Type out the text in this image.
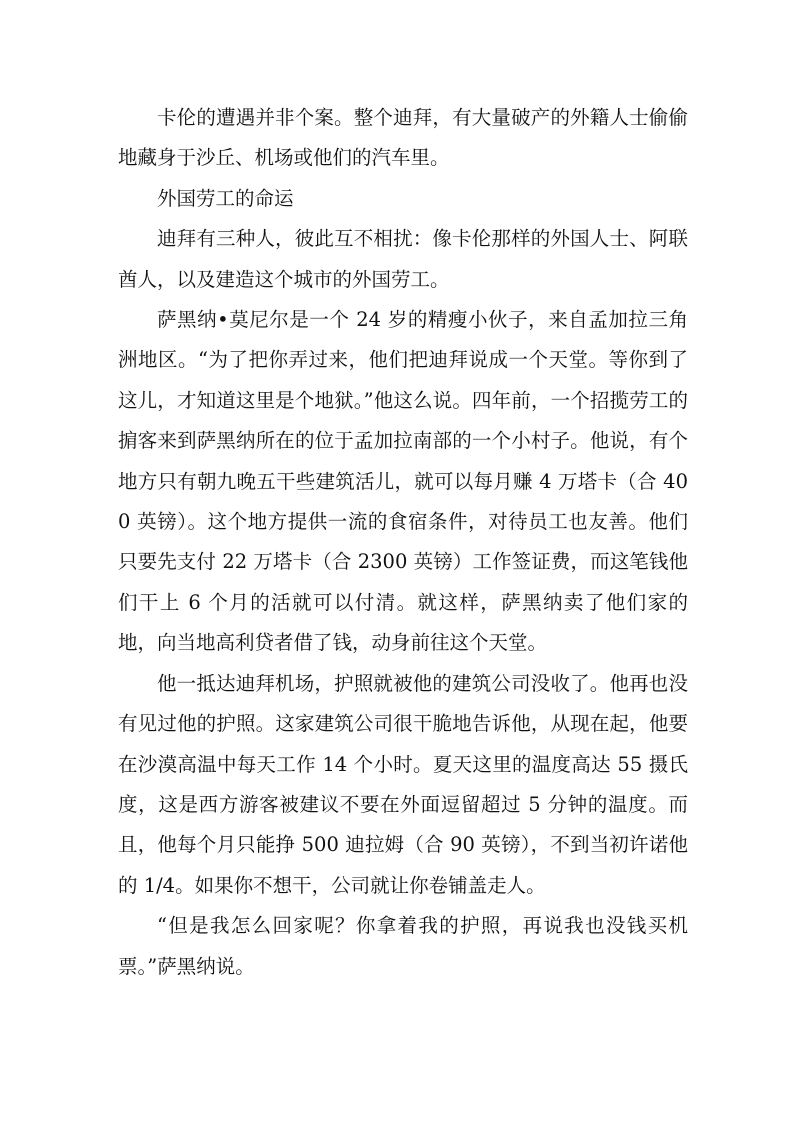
卡伦的遭遇并非个案。整个迪拜，有大量破产的外籍人士偷偷地藏身于沙丘、机场或他们的汽车里。

外国劳工的命运

迪拜有三种人，彼此互不相扰：像卡伦那样的外国人士、阿联酋人，以及建造这个城市的外国劳工。

萨黑纳•莫尼尔是一个 24 岁的精瘦小伙子，来自孟加拉三角洲地区。“为了把你弄过来，他们把迪拜说成一个天堂。等你到了这儿，才知道这里是个地狱。”他这么说。四年前，一个招揽劳工的掮客来到萨黑纳所在的位于孟加拉南部的一个小村子。他说，有个地方只有朝九晚五干些建筑活儿，就可以每月赚 4 万塔卡（合 400 英镑）。这个地方提供一流的食宿条件，对待员工也友善。他们只要先支付 22 万塔卡（合 2300 英镑）工作签证费，而这笔钱他们干上 6 个月的活就可以付清。就这样，萨黑纳卖了他们家的地，向当地高利贷者借了钱，动身前往这个天堂。

他一抵达迪拜机场，护照就被他的建筑公司没收了。他再也没有见过他的护照。这家建筑公司很干脆地告诉他，从现在起，他要在沙漠高温中每天工作 14 个小时。夏天这里的温度高达 55 摄氏度，这是西方游客被建议不要在外面逗留超过 5 分钟的温度。而且，他每个月只能挣 500 迪拉姆（合 90 英镑），不到当初许诺他的 1/4。如果你不想干，公司就让你卷铺盖走人。

“但是我怎么回家呢？你拿着我的护照，再说我也没钱买机票。”萨黑纳说。
